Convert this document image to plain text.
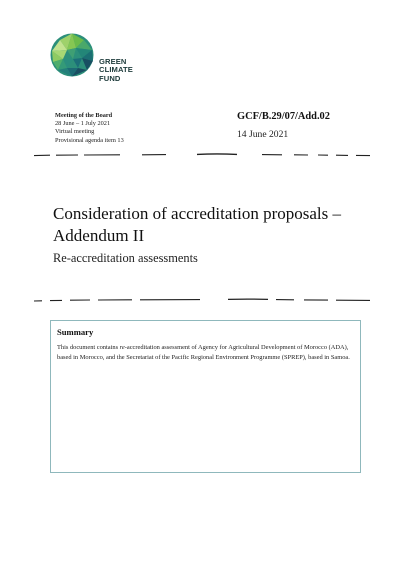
GREEN
CLIMATE
FUND
Meeting of the Board
28 June – 1 July 2021
Virtual meeting
Provisional agenda item 13
GCF/B.29/07/Add.02
14 June 2021
Consideration of accreditation proposals – Addendum II
Re-accreditation assessments
Summary
This document contains re-accreditation assessment of Agency for Agricultural Development of Morocco (ADA), based in Morocco, and the Secretariat of the Pacific Regional Environment Programme (SPREP), based in Samoa.
